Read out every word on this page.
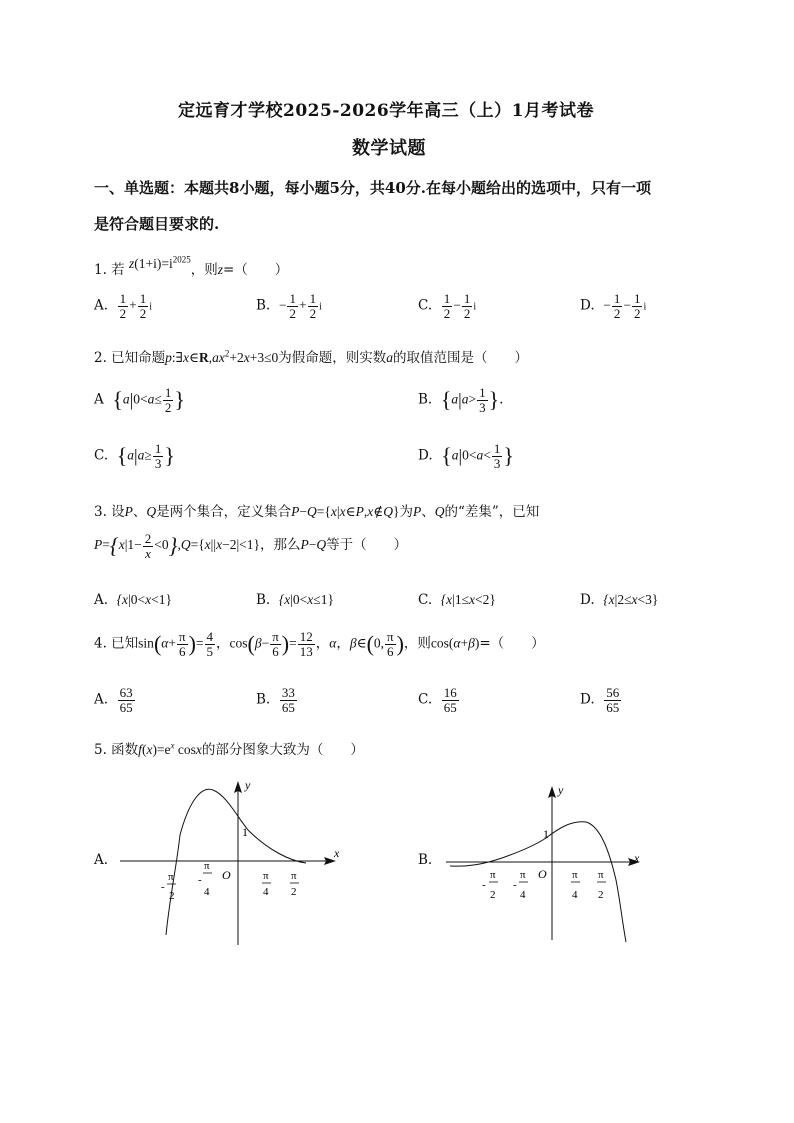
定远育才学校2025-2026学年高三（上）1月考试卷
数学试题
一、单选题：本题共8小题，每小题5分，共40分.在每小题给出的选项中，只有一项
是符合题目要求的.
1. 若 $z(1+i)=i^{2025}$，则z=（　　）
A. $\frac{1}{2} + \frac{1}{2}$ i	B. − $\frac{1}{2} + \frac{1}{2}$ i	C. $\frac{1}{2} - \frac{1}{2}$ i	D. − $\frac{1}{2} - \frac{1}{2}$ i
2. 已知命题$p:\exists x\in R,ax^2+2x+3\le 0$为假命题，则实数a的取值范围是（　　）
A {$a|0<a\le \frac{1}{2}$ }	B. {$a|a> \frac{1}{3}$ }.
C. {$a|a\ge \frac{1}{3}$ }	D. {$a|0<a< \frac{1}{3}$ }
3. 设P、Q是两个集合，定义集合P−Q={x|x∈P,x∉Q}为P、Q的“差集”，已知
$P=\{x|1- \frac{2}{x} <0\},Q=\{x||x-2|<1\}$，那么P−Q等于（　　）
A. {x|0<x<1}	B. {x|0<x≤1}	C. {x|1≤x<2}	D. {x|2≤x<3}
4. 已知$\sin(\alpha+ \frac{\pi}{6}$ )= $\frac{4}{5}$ ，$\cos(\beta- \frac{\pi}{6}$ )= $\frac{12}{13}$ ，α，β∈(0, $\frac{\pi}{6}$ )，则cos(α+β)=（　　）
A. $\frac{63}{65}$	B. $\frac{33}{65}$	C. $\frac{16}{65}$	D. $\frac{56}{65}$
5. 函数$f(x)=e^x$ cosx的部分图象大致为（　　）
A.
y
x
O
1
π
-
2
π
-
4
π
4
π
2
B.
y
x
O
1
π
-
2
π
-
4
π
4
π
2
